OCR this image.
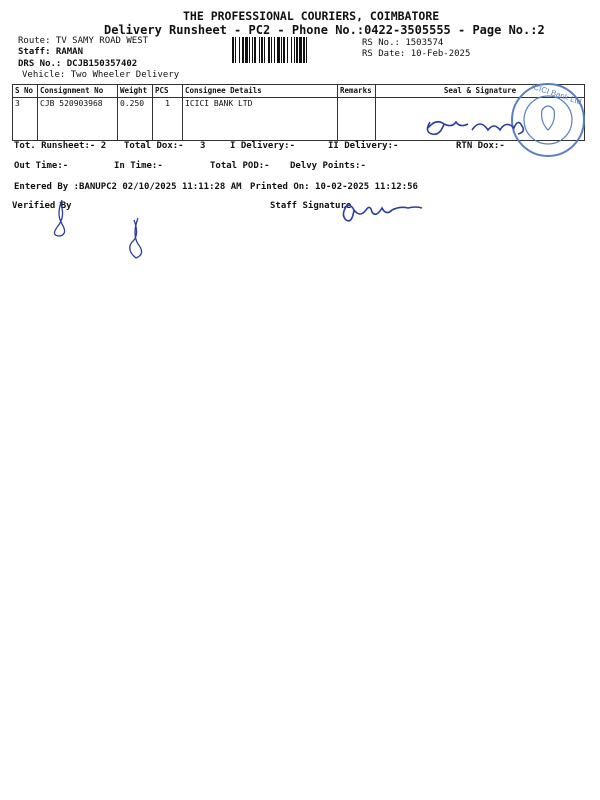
THE PROFESSIONAL COURIERS, COIMBATORE
Delivery Runsheet - PC2 - Phone No.:0422-3505555 - Page No.:2
Route: TV SAMY ROAD WEST
Staff: RAMAN
DRS No.: DCJB150357402
Vehicle: Two Wheeler Delivery
RS No.: 1503574
RS Date: 10-Feb-2025
S No	Consignment No	Weight	PCS	Consignee Details	Remarks	Seal & Signature
3	CJB 520903968	0.250	1	ICICI BANK LTD			ICICI Bank Ltd
Tot. Runsheet:- 2 Total Dox:- 3	I Delivery:-	II Delivery:-	RTN Dox:-
Out Time:-	In Time:-	Total POD:- Delvy Points:-
Entered By :BANUPC2 02/10/2025 11:11:28 AM Printed On: 10-02-2025 11:12:56
Verified By	Staff Signature
